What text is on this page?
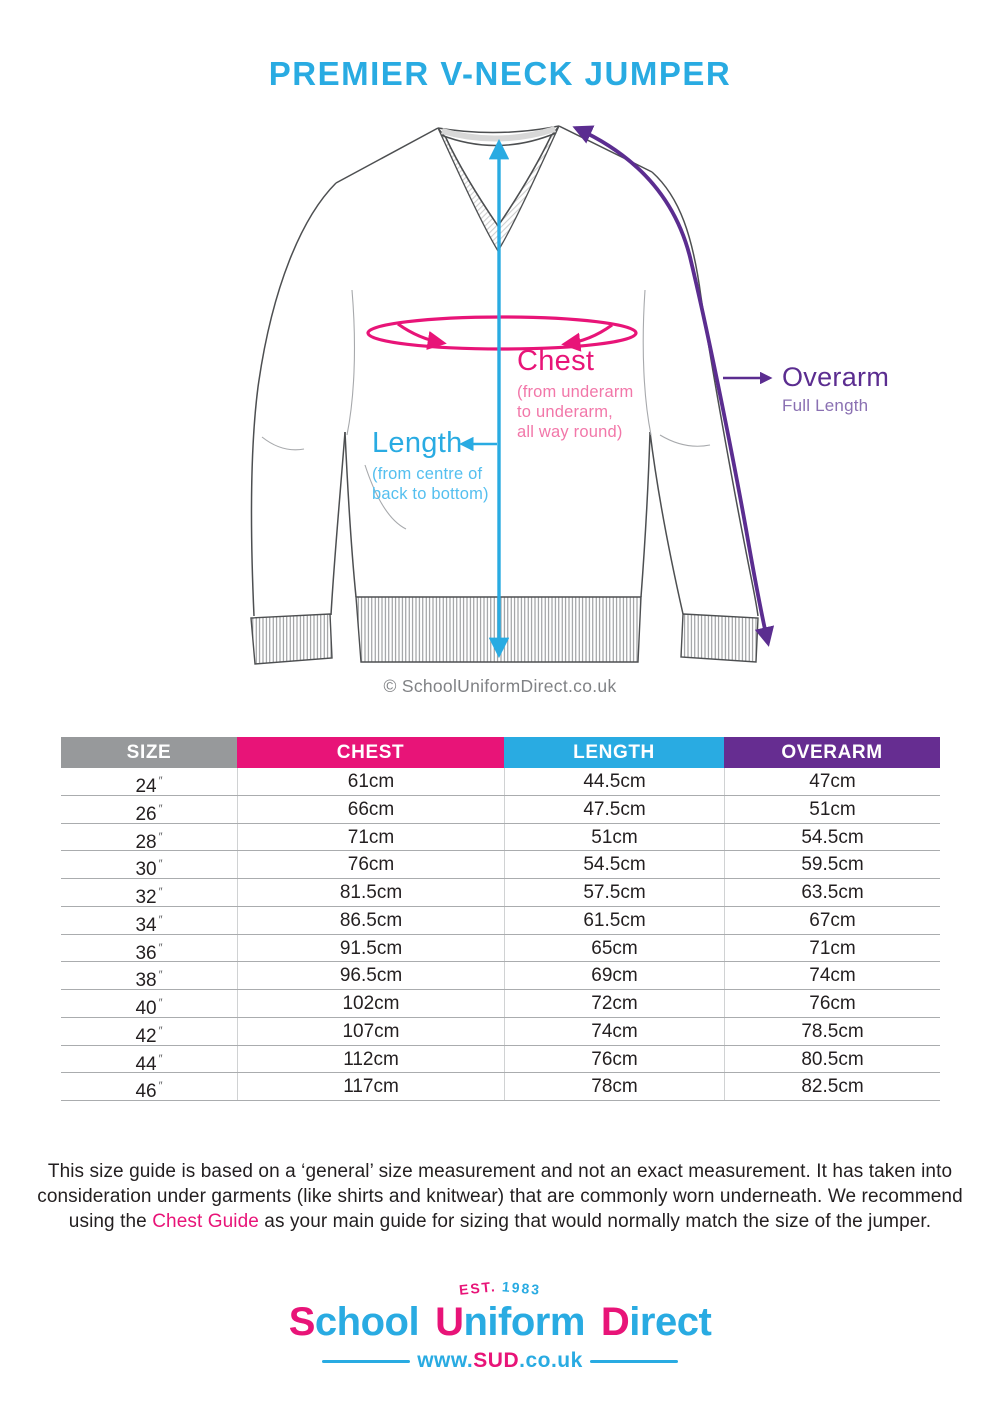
PREMIER V-NECK JUMPER
Chest
(from underarm
to underarm,
all way round)
Length
(from centre of
back to bottom)
Overarm
Full Length
© SchoolUniformDirect.co.uk
SIZE	CHEST	LENGTH	OVERARM
24 ″	61cm	44.5cm	47cm
26 ″	66cm	47.5cm	51cm
28 ″	71cm	51cm	54.5cm
30 ″	76cm	54.5cm	59.5cm
32 ″	81.5cm	57.5cm	63.5cm
34 ″	86.5cm	61.5cm	67cm
36 ″	91.5cm	65cm	71cm
38 ″	96.5cm	69cm	74cm
40 ″	102cm	72cm	76cm
42 ″	107cm	74cm	78.5cm
44 ″	112cm	76cm	80.5cm
46 ″	117cm	78cm	82.5cm
This size guide is based on a ‘general’ size measurement and not an exact measurement. It has taken into
consideration under garments (like shirts and knitwear) that are commonly worn underneath. We recommend
using the Chest Guide as your main guide for sizing that would normally match the size of the jumper.
EST. 1983
School Uniform Direct
www.SUD.co.uk
